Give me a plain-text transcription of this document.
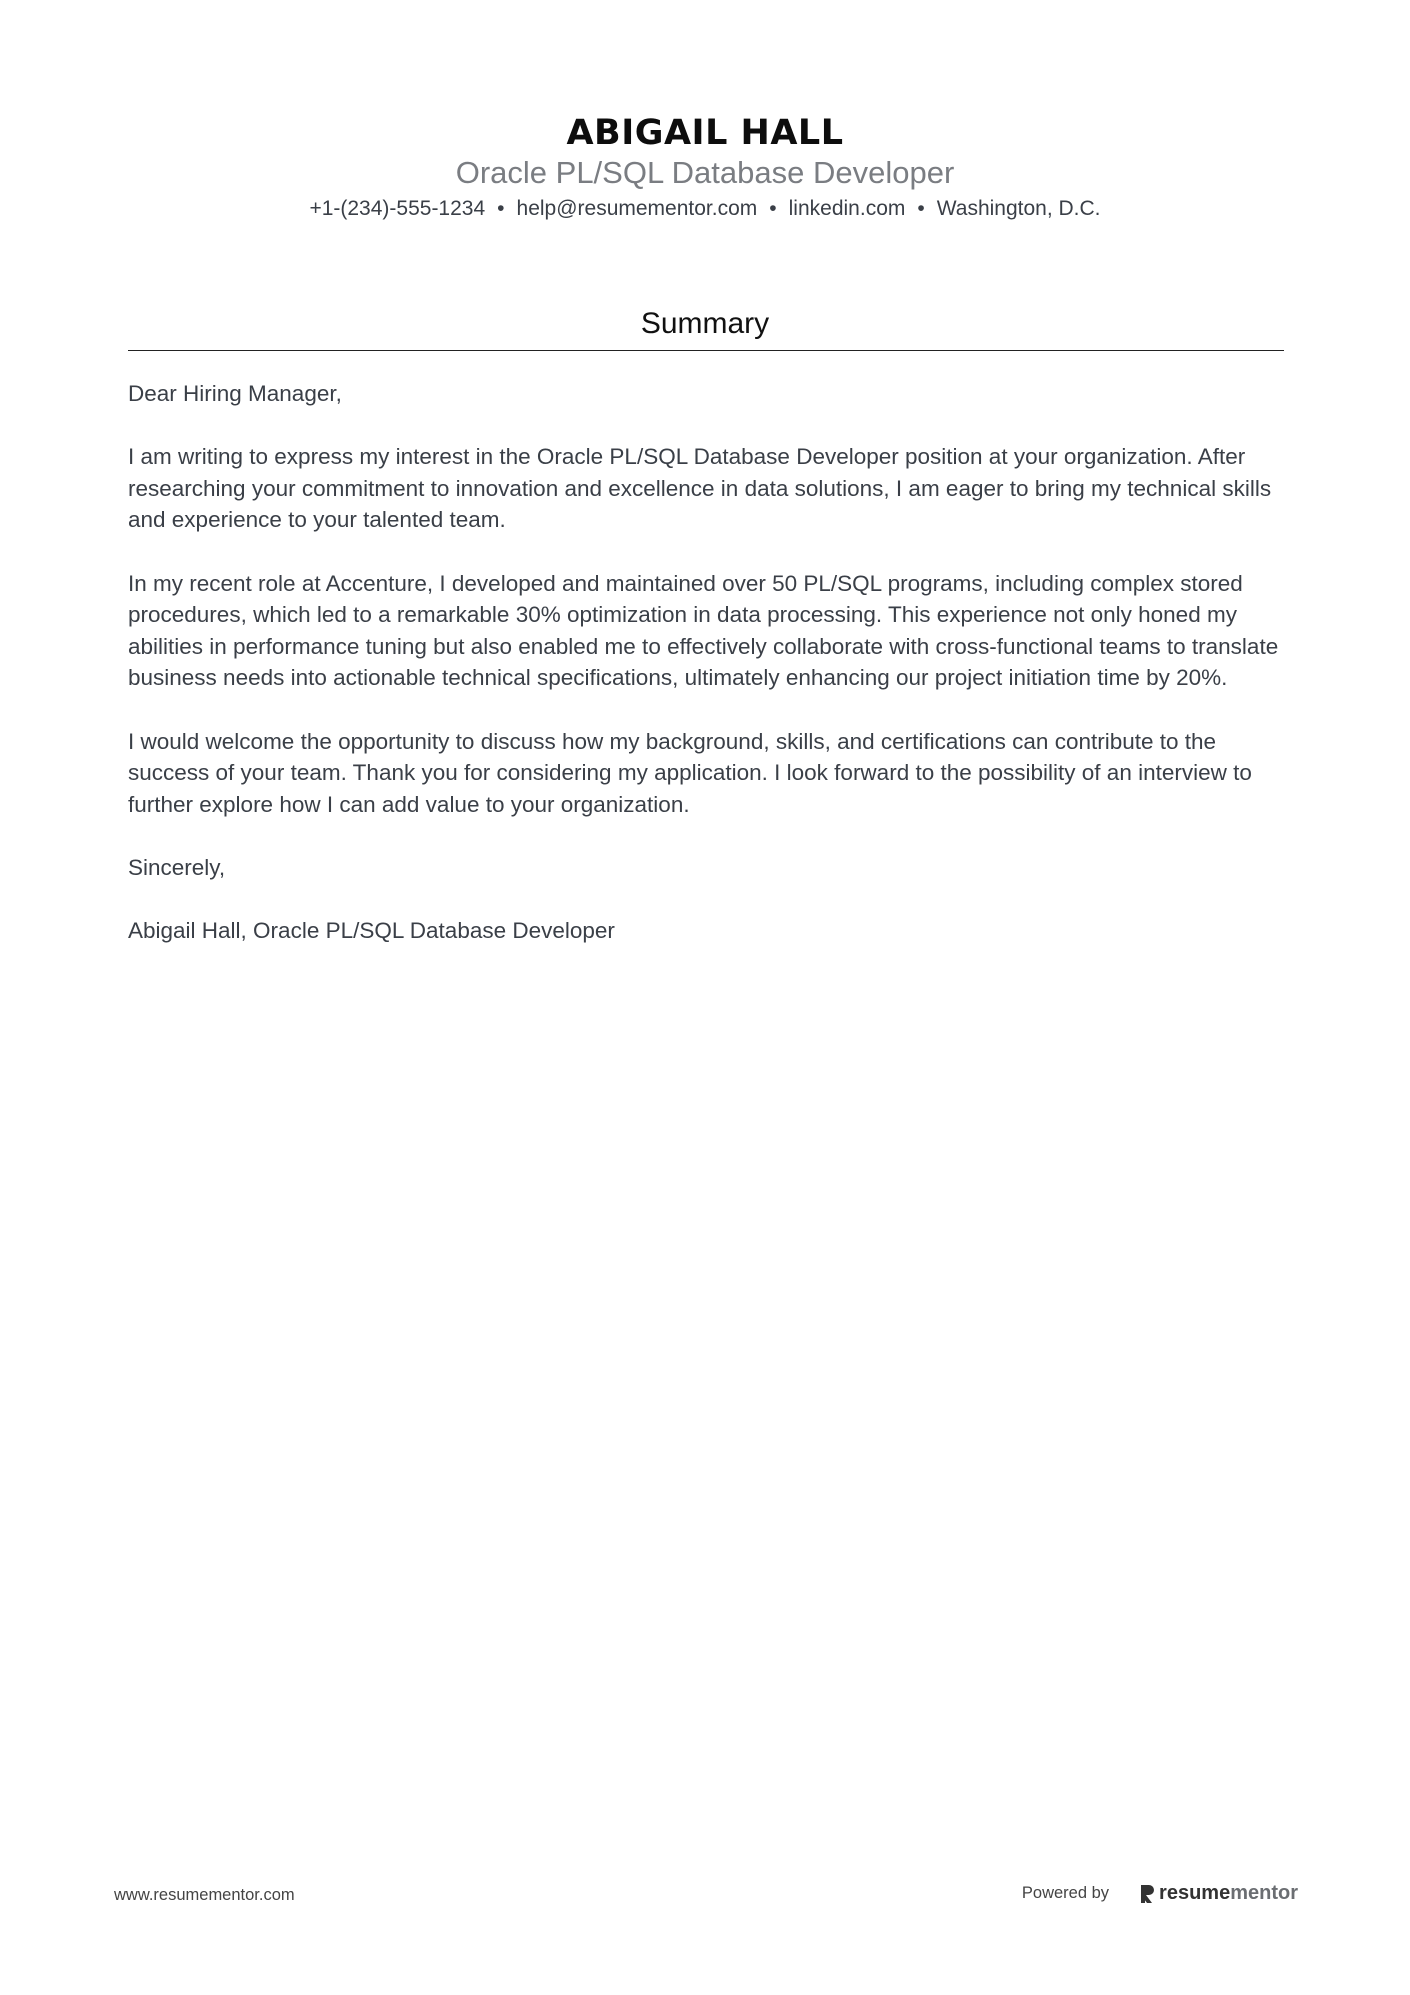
ABIGAIL HALL
Oracle PL/SQL Database Developer
+1-(234)-555-1234 • help@resumementor.com • linkedin.com • Washington, D.C.
Summary

Dear Hiring Manager,

I am writing to express my interest in the Oracle PL/SQL Database Developer position at your organization. After researching your commitment to innovation and excellence in data solutions, I am eager to bring my technical skills and experience to your talented team.

In my recent role at Accenture, I developed and maintained over 50 PL/SQL programs, including complex stored procedures, which led to a remarkable 30% optimization in data processing. This experience not only honed my abilities in performance tuning but also enabled me to effectively collaborate with cross-functional teams to translate business needs into actionable technical specifications, ultimately enhancing our project initiation time by 20%.

I would welcome the opportunity to discuss how my background, skills, and certifications can contribute to the success of your team. Thank you for considering my application. I look forward to the possibility of an interview to further explore how I can add value to your organization.

Sincerely,

Abigail Hall, Oracle PL/SQL Database Developer

www.resumementor.com	Powered by	resume mentor
